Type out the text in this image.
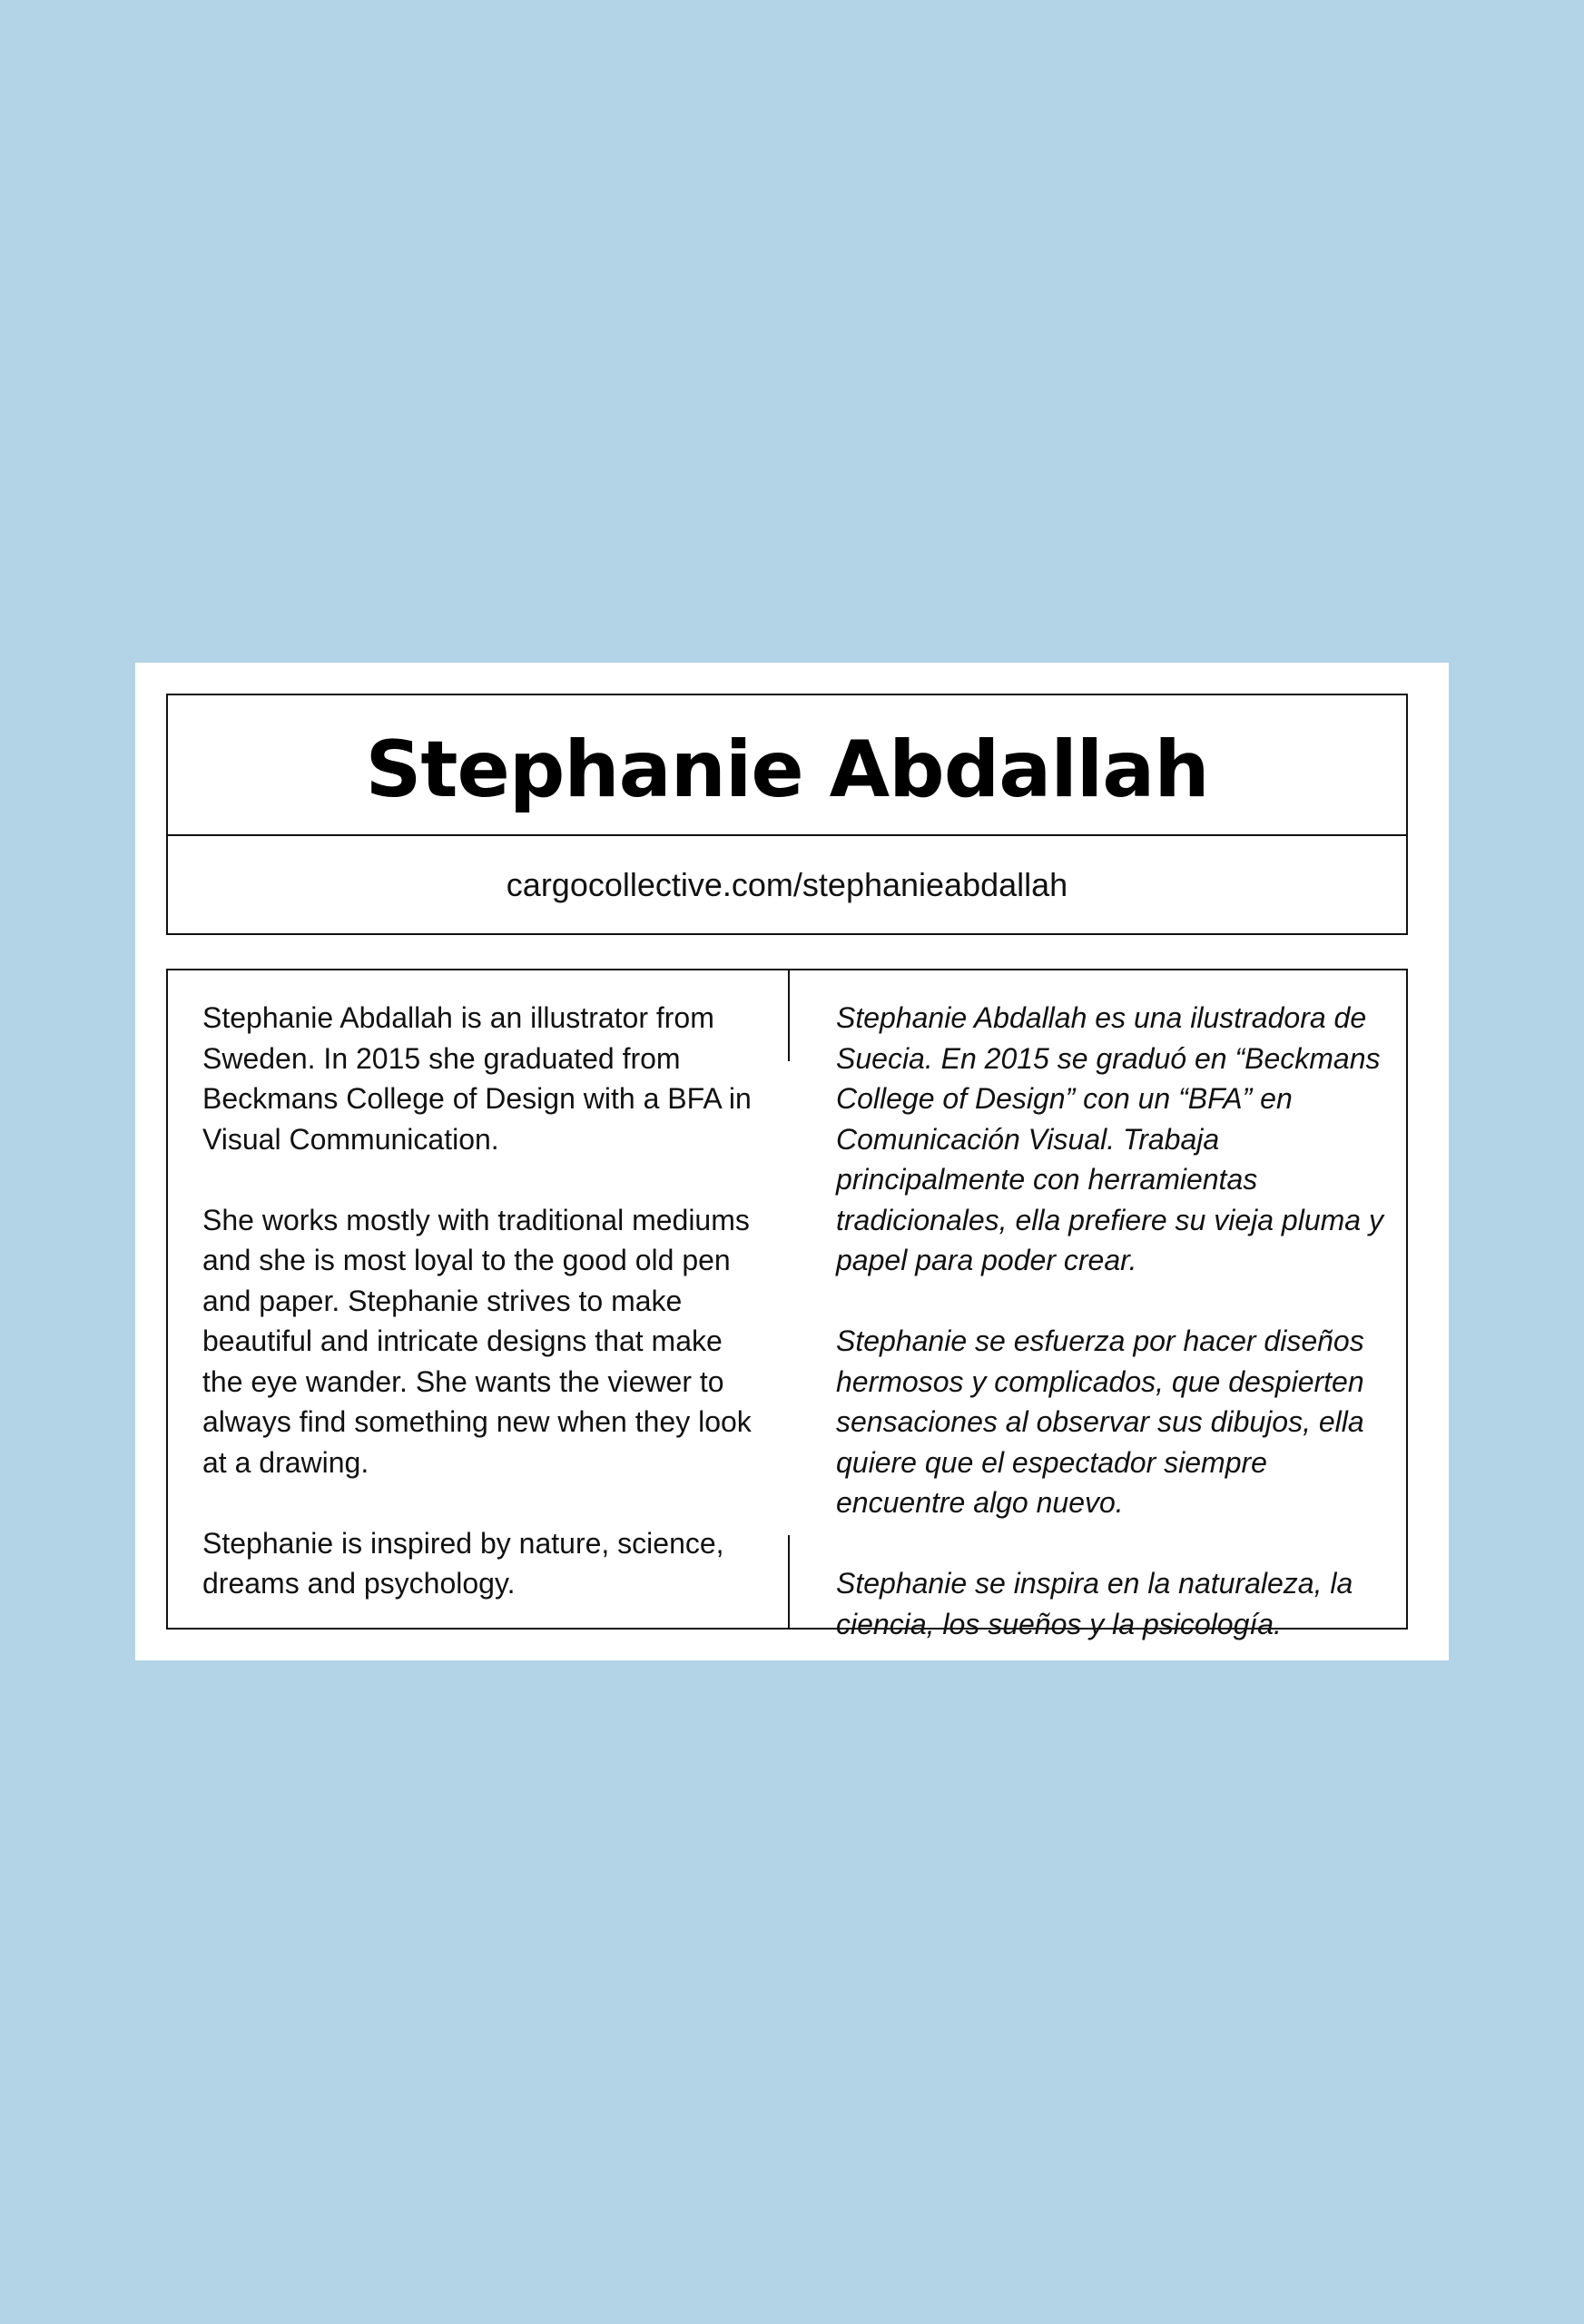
Stephanie Abdallah
cargocollective.com/stephanieabdallah

Stephanie Abdallah is an illustrator from Sweden. In 2015 she graduated from Beckmans College of Design with a BFA in Visual Communication.

She works mostly with traditional mediums and she is most loyal to the good old pen and paper. Stephanie strives to make beautiful and intricate designs that make the eye wander. She wants the viewer to always find something new when they look at a drawing.

Stephanie is inspired by nature, science, dreams and psychology.

Stephanie Abdallah es una ilustradora de Suecia. En 2015 se graduó en “Beckmans College of Design” con un “BFA” en Comunicación Visual. Trabaja principalmente con herramientas tradicionales, ella prefiere su vieja pluma y papel para poder crear.

Stephanie se esfuerza por hacer diseños hermosos y complicados, que despierten sensaciones al observar sus dibujos, ella quiere que el espectador siempre encuentre algo nuevo.

Stephanie se inspira en la naturaleza, la ciencia, los sueños y la psicología.
